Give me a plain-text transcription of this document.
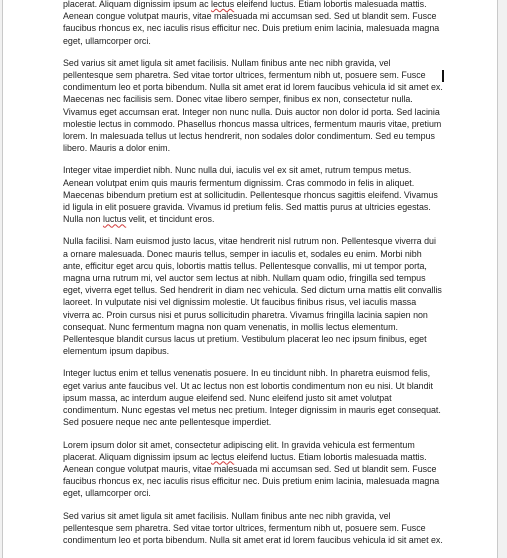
placerat. Aliquam dignissim ipsum ac lectus eleifend luctus. Etiam lobortis malesuada mattis. Aenean congue volutpat mauris, vitae malesuada mi accumsan sed. Sed ut blandit sem. Fusce faucibus rhoncus ex, nec iaculis risus efficitur nec. Duis pretium enim lacinia, malesuada magna eget, ullamcorper orci.

Sed varius sit amet ligula sit amet facilisis. Nullam finibus ante nec nibh gravida, vel pellentesque sem pharetra. Sed vitae tortor ultrices, fermentum nibh ut, posuere sem. Fusce condimentum leo et porta bibendum. Nulla sit amet erat id lorem faucibus vehicula id sit amet ex. Maecenas nec facilisis sem. Donec vitae libero semper, finibus ex non, consectetur nulla. Vivamus eget accumsan erat. Integer non nunc nulla. Duis auctor non dolor id porta. Sed lacinia molestie lectus in commodo. Phasellus rhoncus massa ultrices, fermentum mauris vitae, pretium lorem. In malesuada tellus ut lectus hendrerit, non sodales dolor condimentum. Sed eu tempus libero. Mauris a dolor enim.

Integer vitae imperdiet nibh. Nunc nulla dui, iaculis vel ex sit amet, rutrum tempus metus. Aenean volutpat enim quis mauris fermentum dignissim. Cras commodo in felis in aliquet. Maecenas bibendum pretium est at sollicitudin. Pellentesque rhoncus sagittis eleifend. Vivamus id ligula in elit posuere gravida. Vivamus id pretium felis. Sed mattis purus at ultricies egestas. Nulla non luctus velit, et tincidunt eros.

Nulla facilisi. Nam euismod justo lacus, vitae hendrerit nisl rutrum non. Pellentesque viverra dui a ornare malesuada. Donec mauris tellus, semper in iaculis et, sodales eu enim. Morbi nibh ante, efficitur eget arcu quis, lobortis mattis tellus. Pellentesque convallis, mi ut tempor porta, magna urna rutrum mi, vel auctor sem lectus at nibh. Nullam quam odio, fringilla sed tempus eget, viverra eget tellus. Sed hendrerit in diam nec vehicula. Sed dictum urna mattis elit convallis laoreet. In vulputate nisi vel dignissim molestie. Ut faucibus finibus risus, vel iaculis massa viverra ac. Proin cursus nisi et purus sollicitudin pharetra. Vivamus fringilla lacinia sapien non consequat. Nunc fermentum magna non quam venenatis, in mollis lectus elementum. Pellentesque blandit cursus lacus ut pretium. Vestibulum placerat leo nec ipsum finibus, eget elementum ipsum dapibus.

Integer luctus enim et tellus venenatis posuere. In eu tincidunt nibh. In pharetra euismod felis, eget varius ante faucibus vel. Ut ac lectus non est lobortis condimentum non eu nisi. Ut blandit ipsum massa, ac interdum augue eleifend sed. Nunc eleifend justo sit amet volutpat condimentum. Nunc egestas vel metus nec pretium. Integer dignissim in mauris eget consequat. Sed posuere neque nec ante pellentesque imperdiet.

Lorem ipsum dolor sit amet, consectetur adipiscing elit. In gravida vehicula est fermentum placerat. Aliquam dignissim ipsum ac lectus eleifend luctus. Etiam lobortis malesuada mattis. Aenean congue volutpat mauris, vitae malesuada mi accumsan sed. Sed ut blandit sem. Fusce faucibus rhoncus ex, nec iaculis risus efficitur nec. Duis pretium enim lacinia, malesuada magna eget, ullamcorper orci.

Sed varius sit amet ligula sit amet facilisis. Nullam finibus ante nec nibh gravida, vel pellentesque sem pharetra. Sed vitae tortor ultrices, fermentum nibh ut, posuere sem. Fusce condimentum leo et porta bibendum. Nulla sit amet erat id lorem faucibus vehicula id sit amet ex.
